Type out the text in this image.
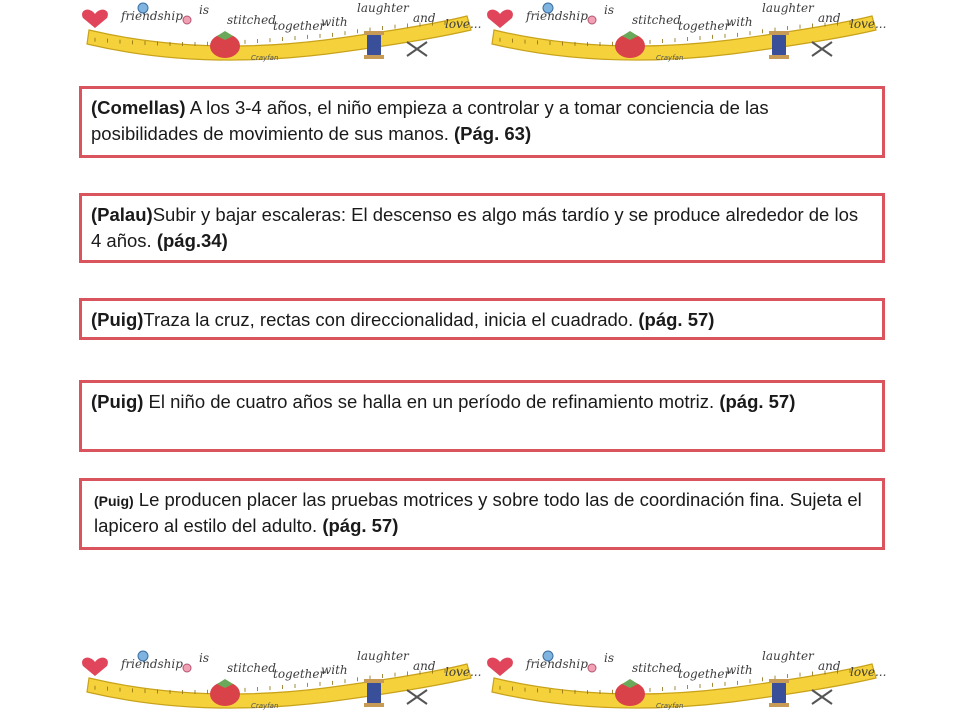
friendship is
stitched
together
with
laughter
and love...
Crayfan
friendship is
stitched
together
with
laughter
and love...
Crayfan
friendship is
stitched
together
with
laughter
and love...
Crayfan
friendship is
stitched
together
with
laughter
and love...
Crayfan
(Comellas) A los 3-4 años, el niño empieza a controlar y a tomar conciencia de las posibilidades de movimiento de sus manos. (Pág. 63)
(Palau)Subir y bajar escaleras: El descenso es algo más tardío y se produce alrededor de los 4 años. (pág.34)
(Puig)Traza la cruz, rectas con direccionalidad, inicia el cuadrado. (pág. 57)
(Puig) El niño de cuatro años se halla en un período de refinamiento motriz. (pág. 57)
(Puig) Le producen placer las pruebas motrices y sobre todo las de coordinación fina. Sujeta el lapicero al estilo del adulto. (pág. 57)
